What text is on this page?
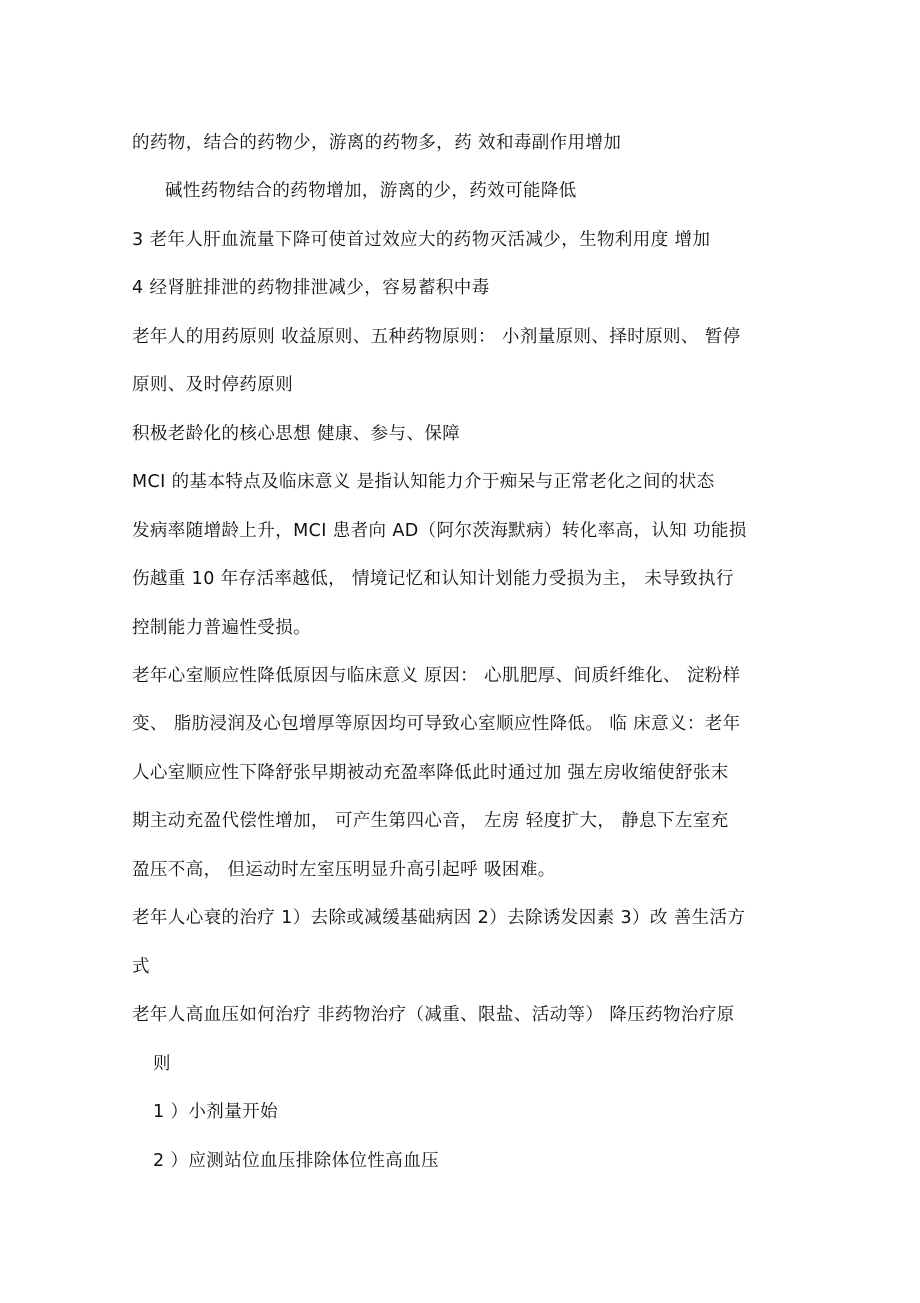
的药物，结合的药物少，游离的药物多，药 效和毒副作用增加
碱性药物结合的药物增加，游离的少，药效可能降低
3 老年人肝血流量下降可使首过效应大的药物灭活减少，生物利用度 增加
4 经肾脏排泄的药物排泄减少，容易蓄积中毒
老年人的用药原则 收益原则、五种药物原则： 小剂量原则、择时原则、 暂停
原则、及时停药原则
积极老龄化的核心思想 健康、参与、保障
MCI 的基本特点及临床意义 是指认知能力介于痴呆与正常老化之间的状态
发病率随增龄上升，MCI 患者向 AD（阿尔茨海默病）转化率高，认知 功能损
伤越重 10 年存活率越低， 情境记忆和认知计划能力受损为主， 未导致执行
控制能力普遍性受损。
老年心室顺应性降低原因与临床意义 原因： 心肌肥厚、间质纤维化、 淀粉样
变、 脂肪浸润及心包增厚等原因均可导致心室顺应性降低。 临 床意义：老年
人心室顺应性下降舒张早期被动充盈率降低此时通过加 强左房收缩使舒张末
期主动充盈代偿性增加， 可产生第四心音， 左房 轻度扩大， 静息下左室充
盈压不高， 但运动时左室压明显升高引起呼 吸困难。
老年人心衰的治疗 1）去除或减缓基础病因 2）去除诱发因素 3）改 善生活方
式
老年人高血压如何治疗 非药物治疗（减重、限盐、活动等） 降压药物治疗原
则
1 ）小剂量开始
2 ）应测站位血压排除体位性高血压
